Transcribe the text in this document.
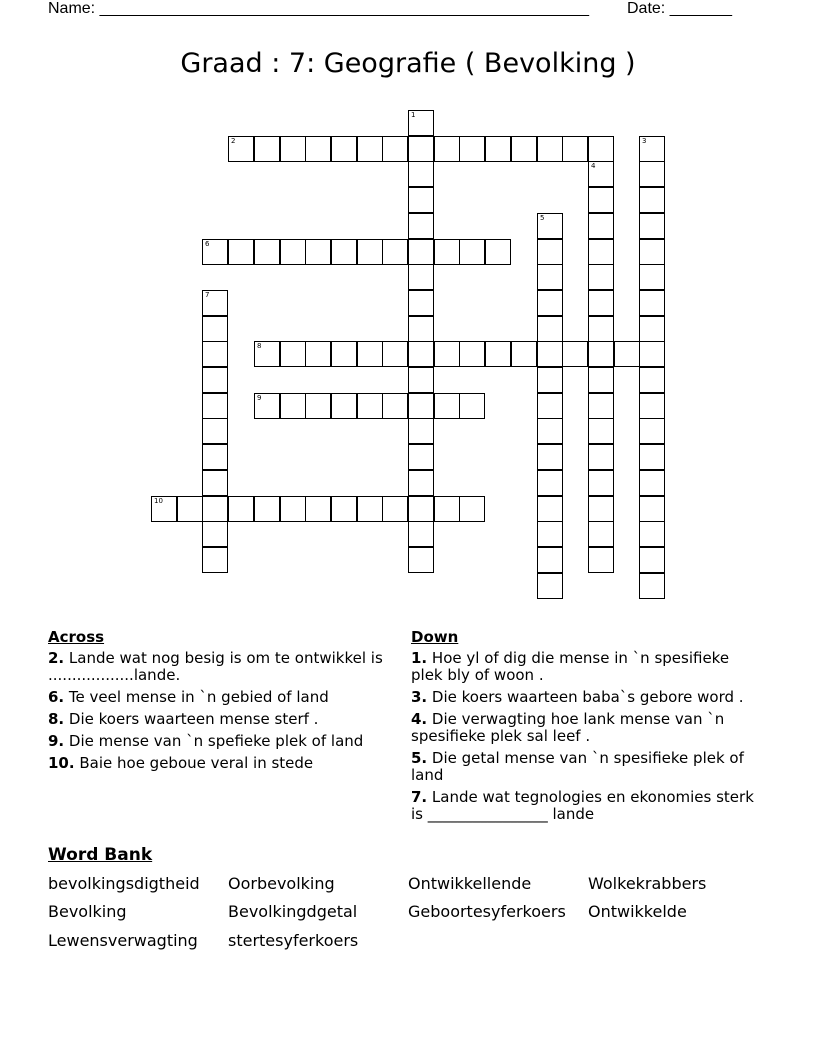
Name: _______________________________________________________ Date: _______
Graad : 7: Geografie ( Bevolking )
1
2	3
4
5
6
7
8
9
10
Across
2. Lande wat nog besig is om te ontwikkel is ..................lande.
6. Te veel mense in `n gebied of land
8. Die koers waarteen mense sterf .
9. Die mense van `n spefieke plek of land
10. Baie hoe geboue veral in stede
Down
1. Hoe yl of dig die mense in `n spesifieke plek bly of woon .
3. Die koers waarteen baba`s gebore word .
4. Die verwagting hoe lank mense van `n spesifieke plek sal leef .
5. Die getal mense van `n spesifieke plek of land
7. Lande wat tegnologies en ekonomies sterk is ________________ lande
Word Bank
bevolkingsdigtheid Oorbevolking	Ontwikkellende	Wolkekrabbers
Bevolking	Bevolkingdgetal	Geboortesyferkoers Ontwikkelde
Lewensverwagting stertesyferkoers
